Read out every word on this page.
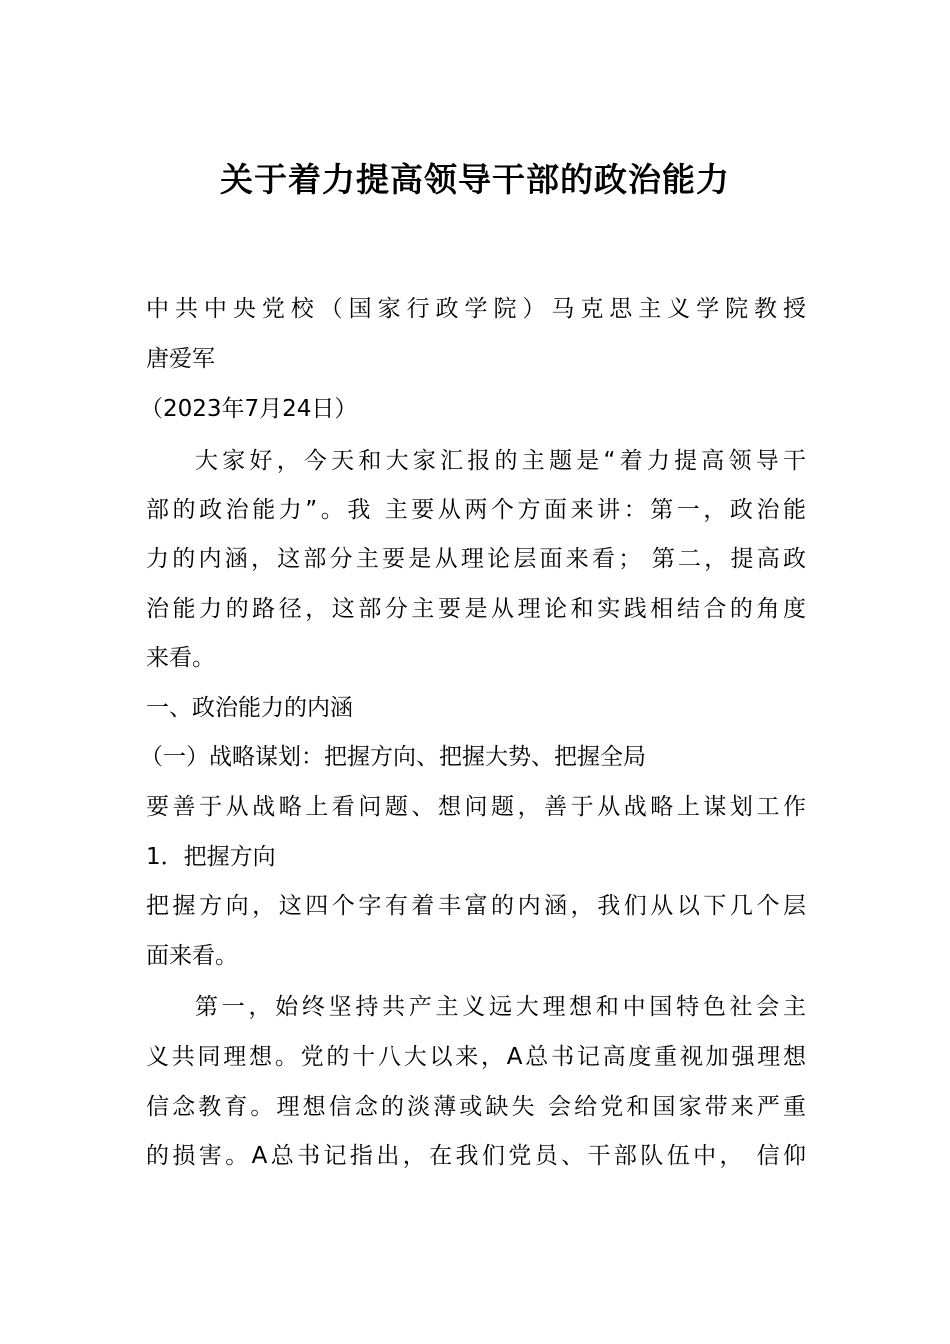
关于着力提高领导干部的政治能力
中共中央党校（国家行政学院）马克思主义学院教授
唐爱军
（2023年7月24日）
大家好，今天和大家汇报的主题是“着力提高领导干
部的政治能力”。我 主要从两个方面来讲：第一，政治能
力的内涵，这部分主要是从理论层面来看； 第二，提高政
治能力的路径，这部分主要是从理论和实践相结合的角度
来看。
一、政治能力的内涵
（一）战略谋划：把握方向、把握大势、把握全局
要善于从战略上看问题、想问题，善于从战略上谋划工作
1．把握方向
把握方向，这四个字有着丰富的内涵，我们从以下几个层
面来看。
第一，始终坚持共产主义远大理想和中国特色社会主
义共同理想。党的十八大以来，A总书记高度重视加强理想
信念教育。理想信念的淡薄或缺失 会给党和国家带来严重
的损害。A总书记指出，在我们党员、干部队伍中， 信仰
